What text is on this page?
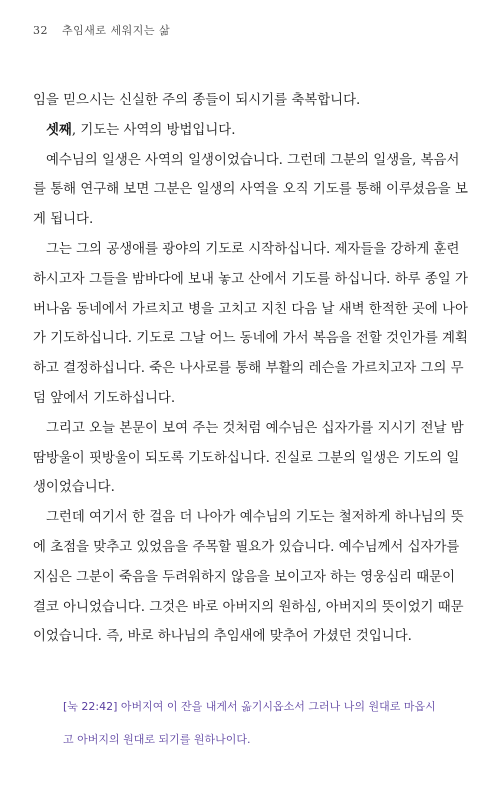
32 추임새로 세워지는 삶

임을 믿으시는 신실한 주의 종들이 되시기를 축복합니다.

셋째, 기도는 사역의 방법입니다.

예수님의 일생은 사역의 일생이었습니다. 그런데 그분의 일생을, 복음서를 통해 연구해 보면 그분은 일생의 사역을 오직 기도를 통해 이루셨음을 보게 됩니다.

그는 그의 공생애를 광야의 기도로 시작하십니다. 제자들을 강하게 훈련하시고자 그들을 밤바다에 보내 놓고 산에서 기도를 하십니다. 하루 종일 가버나움 동네에서 가르치고 병을 고치고 지친 다음 날 새벽 한적한 곳에 나아가 기도하십니다. 기도로 그날 어느 동네에 가서 복음을 전할 것인가를 계획하고 결정하십니다. 죽은 나사로를 통해 부활의 레슨을 가르치고자 그의 무덤 앞에서 기도하십니다.

그리고 오늘 본문이 보여 주는 것처럼 예수님은 십자가를 지시기 전날 밤 땀방울이 핏방울이 되도록 기도하십니다. 진실로 그분의 일생은 기도의 일생이었습니다.

그런데 여기서 한 걸음 더 나아가 예수님의 기도는 철저하게 하나님의 뜻에 초점을 맞추고 있었음을 주목할 필요가 있습니다. 예수님께서 십자가를 지심은 그분이 죽음을 두려워하지 않음을 보이고자 하는 영웅심리 때문이 결코 아니었습니다. 그것은 바로 아버지의 원하심, 아버지의 뜻이었기 때문이었습니다. 즉, 바로 하나님의 추임새에 맞추어 가셨던 것입니다.

[눅 22:42] 아버지여 이 잔을 내게서 옮기시옵소서 그러나 나의 원대로 마옵시고 아버지의 원대로 되기를 원하나이다.
